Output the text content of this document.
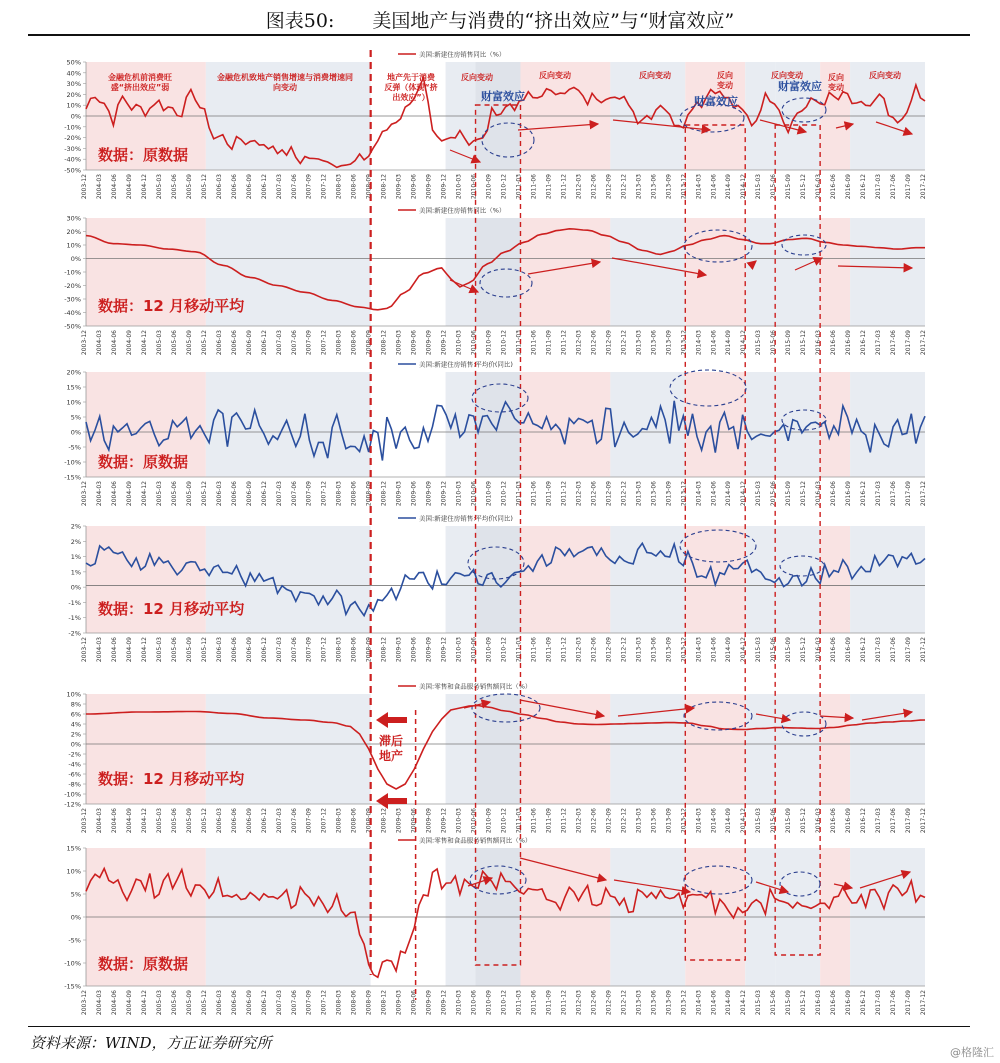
图表50:　　美国地产与消费的“挤出效应”与“财富效应”
50%
40%
30%
20%
10%
0%
-10%
-20%
-30%
-40%
-50%
2003-12 2004-03 2004-06 2004-09 2004-12 2005-03 2005-06 2005-09 2005-12 2006-03 2006-06 2006-09 2006-12 2007-03 2007-06 2007-09 2007-12 2008-03 2008-06 2008-09 2008-12 2009-03 2009-06 2009-09 2009-12 2010-03 2010-06 2010-09 2010-12 2011-03 2011-06 2011-09 2011-12 2012-03 2012-06 2012-09 2012-12 2013-03 2013-06 2013-09 2013-12 2014-03 2014-06 2014-09 2014-12 2015-03 2015-06 2015-09 2015-12 2016-03 2016-06 2016-09 2016-12 2017-03 2017-06 2017-09 2017-12
美国:新建住房销售同比（%）
数据：原数据
30%
20%
10%
0%
-10%
-20%
-30%
-40%
-50%
2003-12 2004-03 2004-06 2004-09 2004-12 2005-03 2005-06 2005-09 2005-12 2006-03 2006-06 2006-09 2006-12 2007-03 2007-06 2007-09 2007-12 2008-03 2008-06 2008-09 2008-12 2009-03 2009-06 2009-09 2009-12 2010-03 2010-06 2010-09 2010-12 2011-03 2011-06 2011-09 2011-12 2012-03 2012-06 2012-09 2012-12 2013-03 2013-06 2013-09 2013-12 2014-03 2014-06 2014-09 2014-12 2015-03 2015-06 2015-09 2015-12 2016-03 2016-06 2016-09 2016-12 2017-03 2017-06 2017-09 2017-12
美国:新建住房销售同比（%）
数据：12 月移动平均
20%
15%
10%
5%
0%
-5%
-10%
-15%
2003-12 2004-03 2004-06 2004-09 2004-12 2005-03 2005-06 2005-09 2005-12 2006-03 2006-06 2006-09 2006-12 2007-03 2007-06 2007-09 2007-12 2008-03 2008-06 2008-09 2008-12 2009-03 2009-06 2009-09 2009-12 2010-03 2010-06 2010-09 2010-12 2011-03 2011-06 2011-09 2011-12 2012-03 2012-06 2012-09 2012-12 2013-03 2013-06 2013-09 2013-12 2014-03 2014-06 2014-09 2014-12 2015-03 2015-06 2015-09 2015-12 2016-03 2016-06 2016-09 2016-12 2017-03 2017-06 2017-09 2017-12
美国:新建住房销售:平均价(同比)
数据：原数据
2%
2%
1%
1%
0%
-1%
-1%
-2%
2003-12 2004-03 2004-06 2004-09 2004-12 2005-03 2005-06 2005-09 2005-12 2006-03 2006-06 2006-09 2006-12 2007-03 2007-06 2007-09 2007-12 2008-03 2008-06 2008-09 2008-12 2009-03 2009-06 2009-09 2009-12 2010-03 2010-06 2010-09 2010-12 2011-03 2011-06 2011-09 2011-12 2012-03 2012-06 2012-09 2012-12 2013-03 2013-06 2013-09 2013-12 2014-03 2014-06 2014-09 2014-12 2015-03 2015-06 2015-09 2015-12 2016-03 2016-06 2016-09 2016-12 2017-03 2017-06 2017-09 2017-12
美国:新建住房销售:平均价(同比)
数据：12 月移动平均
10%
8%
6%
4%
2%
0%
-2%
-4%
-6%
-8%
-10%
-12%
2003-12 2004-03 2004-06 2004-09 2004-12 2005-03 2005-06 2005-09 2005-12 2006-03 2006-06 2006-09 2006-12 2007-03 2007-06 2007-09 2007-12 2008-03 2008-06 2008-09 2008-12 2009-03 2009-06 2009-09 2009-12 2010-03 2010-06 2010-09 2010-12 2011-03 2011-06 2011-09 2011-12 2012-03 2012-06 2012-09 2012-12 2013-03 2013-06 2013-09 2013-12 2014-03 2014-06 2014-09 2014-12 2015-03 2015-06 2015-09 2015-12 2016-03 2016-06 2016-09 2016-12 2017-03 2017-06 2017-09 2017-12
美国:零售和食品服务销售额同比（%）
数据：12 月移动平均
15%
10%
5%
0%
-5%
-10%
-15%
2003-12 2004-03 2004-06 2004-09 2004-12 2005-03 2005-06 2005-09 2005-12 2006-03 2006-06 2006-09 2006-12 2007-03 2007-06 2007-09 2007-12 2008-03 2008-06 2008-09 2008-12 2009-03 2009-06 2009-09 2009-12 2010-03 2010-06 2010-09 2010-12 2011-03 2011-06 2011-09 2011-12 2012-03 2012-06 2012-09 2012-12 2013-03 2013-06 2013-09 2013-12 2014-03 2014-06 2014-09 2014-12 2015-03 2015-06 2015-09 2015-12 2016-03 2016-06 2016-09 2016-12 2017-03 2017-06 2017-09 2017-12
美国:零售和食品服务销售额同比（%）
数据：原数据
金融危机前消费旺盛“挤出效应”弱
金融危机致地产销售增速与消费增速同向变动
地产先于消费反弹（体现“挤出效应”）
反向变动
财富效应
反向变动	反向变动	反向变动
反向变动
财富效应
反向变动
反向变动
财富效应
滞后地产
资料来源：WIND，方正证券研究所
@格隆汇
